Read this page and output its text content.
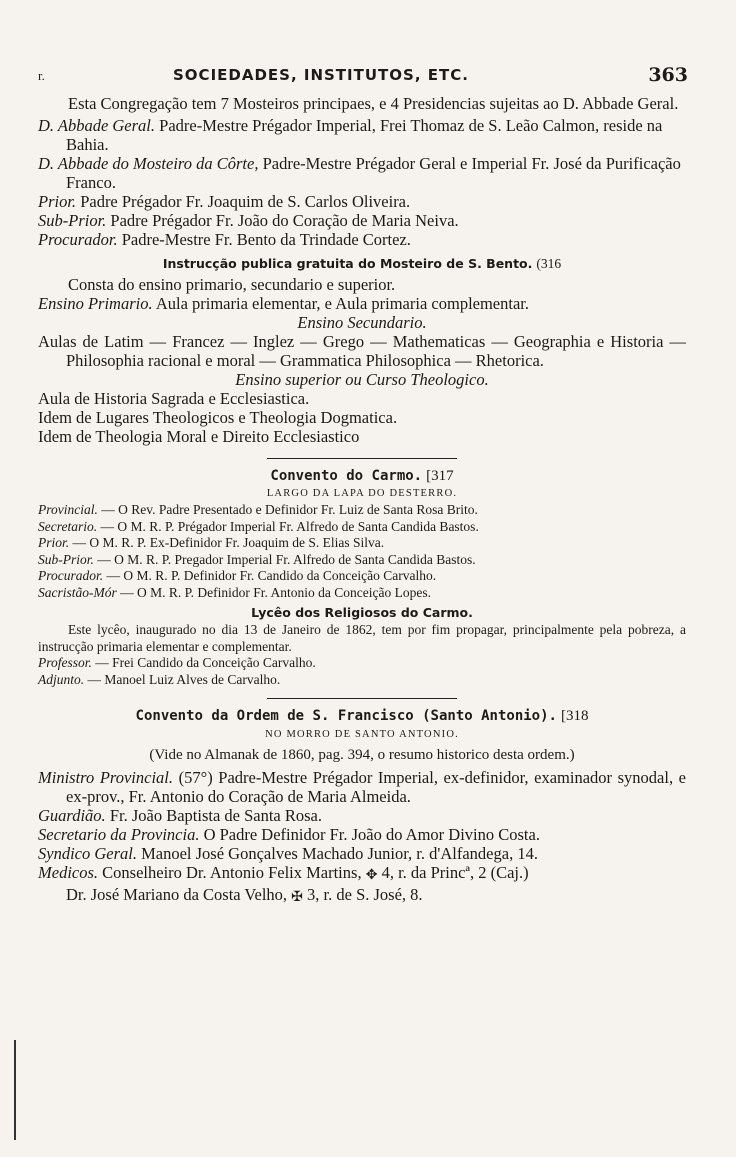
r.	SOCIEDADES, INSTITUTOS, ETC.	363

Esta Congregação tem 7 Mosteiros principaes, e 4 Presidencias sujeitas ao D. Abbade Geral.

D. Abbade Geral. Padre-Mestre Prégador Imperial, Frei Thomaz de S. Leão Calmon, reside na Bahia.

D. Abbade do Mosteiro da Côrte, Padre-Mestre Prégador Geral e Imperial Fr. José da Purificação Franco.

Prior. Padre Prégador Fr. Joaquim de S. Carlos Oliveira.

Sub-Prior. Padre Prégador Fr. João do Coração de Maria Neiva.

Procurador. Padre-Mestre Fr. Bento da Trindade Cortez.

Instrucção publica gratuita do Mosteiro de S. Bento. (316

Consta do ensino primario, secundario e superior.

Ensino Primario. Aula primaria elementar, e Aula primaria complementar.

Ensino Secundario.

Aulas de Latim — Francez — Inglez — Grego — Mathematicas — Geographia e Historia — Philosophia racional e moral — Grammatica Philosophica — Rhetorica.

Ensino superior ou Curso Theologico.

Aula de Historia Sagrada e Ecclesiastica.

Idem de Lugares Theologicos e Theologia Dogmatica.

Idem de Theologia Moral e Direito Ecclesiastico

Convento do Carmo. [317

LARGO DA LAPA DO DESTERRO.

Provincial. — O Rev. Padre Presentado e Definidor Fr. Luiz de Santa Rosa Brito.

Secretario. — O M. R. P. Prégador Imperial Fr. Alfredo de Santa Candida Bastos.

Prior. — O M. R. P. Ex-Definidor Fr. Joaquim de S. Elias Silva.

Sub-Prior. — O M. R. P. Pregador Imperial Fr. Alfredo de Santa Candida Bastos.

Procurador. — O M. R. P. Definidor Fr. Candido da Conceição Carvalho.

Sacristão-Mór — O M. R. P. Definidor Fr. Antonio da Conceição Lopes.

Lycêo dos Religiosos do Carmo.

Este lycêo, inaugurado no dia 13 de Janeiro de 1862, tem por fim propagar, principalmente pela pobreza, a instrucção primaria elementar e complementar.

Professor. — Frei Candido da Conceição Carvalho.

Adjunto. — Manoel Luiz Alves de Carvalho.

Convento da Ordem de S. Francisco (Santo Antonio). [318

NO MORRO DE SANTO ANTONIO.

(Vide no Almanak de 1860, pag. 394, o resumo historico desta ordem.)

Ministro Provincial. (57°) Padre-Mestre Prégador Imperial, ex-definidor, examinador synodal, e ex-prov., Fr. Antonio do Coração de Maria Almeida.

Guardião. Fr. João Baptista de Santa Rosa.

Secretario da Provincia. O Padre Definidor Fr. João do Amor Divino Costa.

Syndico Geral. Manoel José Gonçalves Machado Junior, r. d'Alfandega, 14.

Medicos. Conselheiro Dr. Antonio Felix Martins, ✥ 4, r. da Princª, 2 (Caj.)

Dr. José Mariano da Costa Velho, ✠ 3, r. de S. José, 8.
